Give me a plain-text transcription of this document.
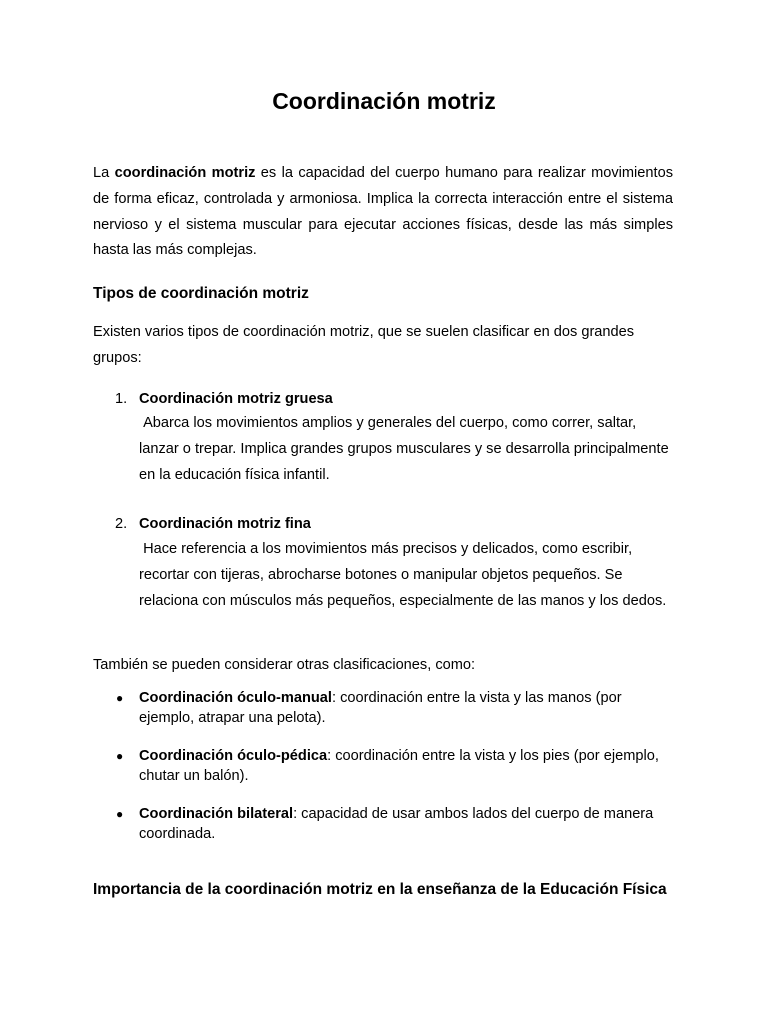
Coordinación motriz

La coordinación motriz es la capacidad del cuerpo humano para realizar movimientos de forma eficaz, controlada y armoniosa. Implica la correcta interacción entre el sistema nervioso y el sistema muscular para ejecutar acciones físicas, desde las más simples hasta las más complejas.

Tipos de coordinación motriz

Existen varios tipos de coordinación motriz, que se suelen clasificar en dos grandes grupos:

1. Coordinación motriz gruesa

Abarca los movimientos amplios y generales del cuerpo, como correr, saltar, lanzar o trepar. Implica grandes grupos musculares y se desarrolla principalmente en la educación física infantil.

2. Coordinación motriz fina

Hace referencia a los movimientos más precisos y delicados, como escribir, recortar con tijeras, abrocharse botones o manipular objetos pequeños. Se relaciona con músculos más pequeños, especialmente de las manos y los dedos.

También se pueden considerar otras clasificaciones, como:

● Coordinación óculo-manual: coordinación entre la vista y las manos (por ejemplo, atrapar una pelota).

● Coordinación óculo-pédica: coordinación entre la vista y los pies (por ejemplo, chutar un balón).

● Coordinación bilateral: capacidad de usar ambos lados del cuerpo de manera coordinada.

Importancia de la coordinación motriz en la enseñanza de la Educación Física
